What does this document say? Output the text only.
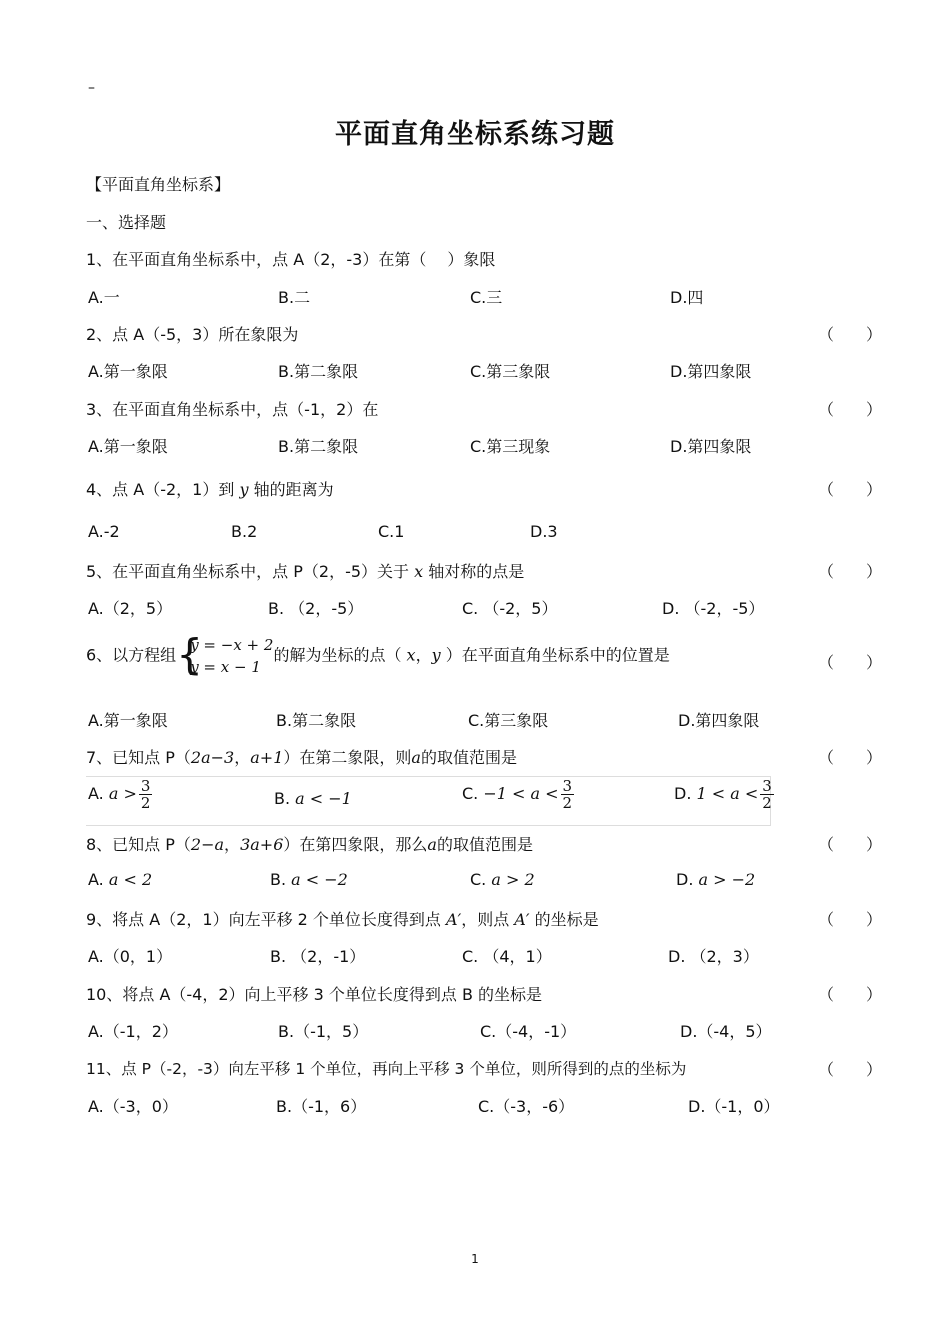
–
平面直角坐标系练习题
【平面直角坐标系】
一、选择题
1、在平面直角坐标系中，点 A（2，-3）在第（　 ）象限
A.一	B.二	C.三	D.四
2、点 A（-5，3）所在象限为	（　　）
A.第一象限	B.第二象限	C.第三象限	D.第四象限
3、在平面直角坐标系中，点（-1，2）在	（　　）
A.第一象限	B.第二象限	C.第三现象	D.第四象限
4、点 A（-2，1）到 y 轴的距离为	（　　）
A.-2	B.2	C.1	D.3
5、在平面直角坐标系中，点 P（2，-5）关于 x 轴对称的点是	（　　）
A.（2，5）	B. （2，-5）	C. （-2，5）	D. （-2，-5）
6、以方程组 {
y = −x + 2
y = x − 1
的解为坐标的点（ x，y ）在平面直角坐标系中的位置是	（　　）
A.第一象限	B.第二象限	C.第三象限	D.第四象限
7、已知点 P（2a−3，a+1）在第二象限，则a的取值范围是	（　　）
A. $a > \frac{3}{2}$	B. a < −1	C. $-1 < a < \frac{3}{2}$	D. $1 < a < \frac{3}{2}$
8、已知点 P（2−a，3a+6）在第四象限，那么a的取值范围是	（　　）
A. a < 2	B. a < −2	C. a > 2	D. a > −2
9、将点 A（2，1）向左平移 2 个单位长度得到点 A′，则点 A′ 的坐标是	（　　）
A.（0，1）	B. （2，-1）	C. （4，1）	D. （2，3）
10、将点 A（-4，2）向上平移 3 个单位长度得到点 B 的坐标是	（　　）
A.（-1，2）	B.（-1，5）	C.（-4，-1）	D.（-4，5）
11、点 P（-2，-3）向左平移 1 个单位，再向上平移 3 个单位，则所得到的点的坐标为	（　　）
A.（-3，0）	B.（-1，6）	C.（-3，-6）	D.（-1，0）
1
